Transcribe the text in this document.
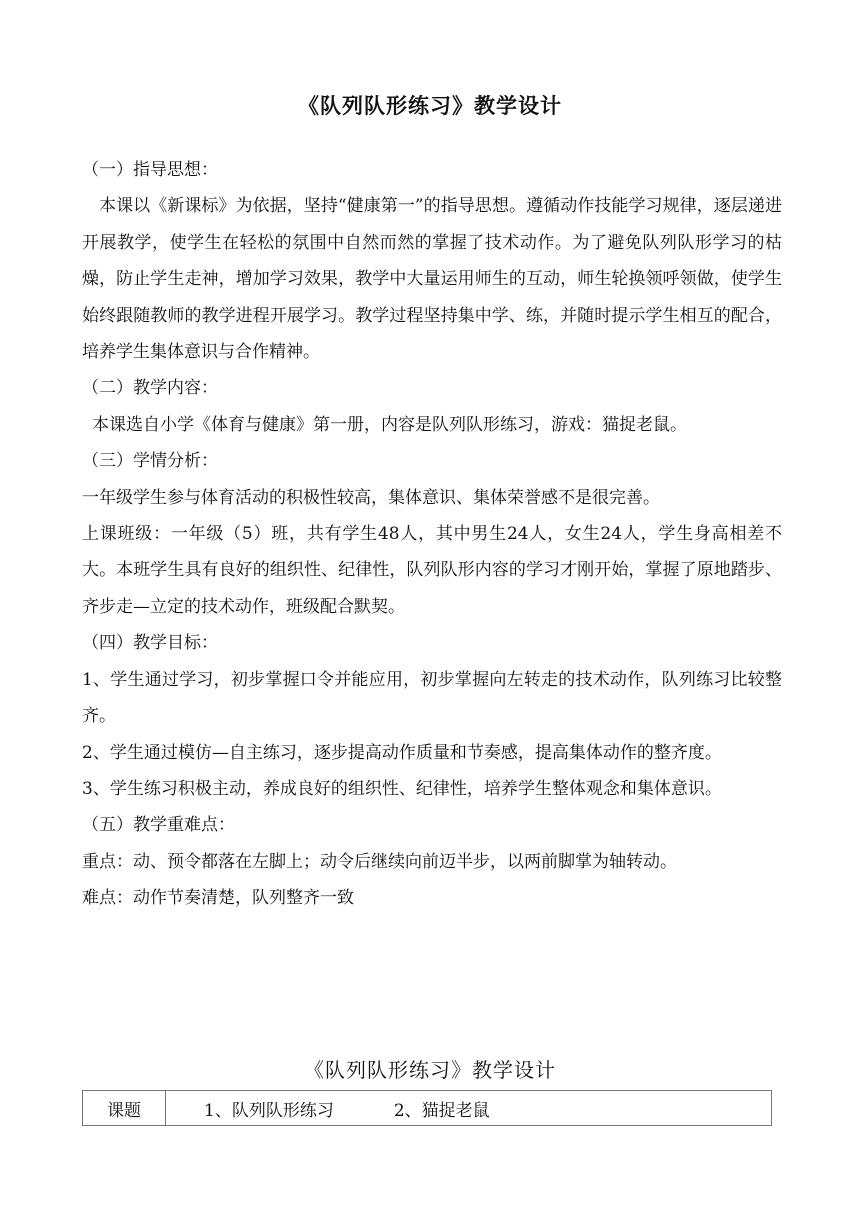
《队列队形练习》教学设计

（一）指导思想：

本课以《新课标》为依据，坚持“健康第一”的指导思想。遵循动作技能学习规律，逐层递进开展教学，使学生在轻松的氛围中自然而然的掌握了技术动作。为了避免队列队形学习的枯燥，防止学生走神，增加学习效果，教学中大量运用师生的互动，师生轮换领呼领做，使学生始终跟随教师的教学进程开展学习。教学过程坚持集中学、练，并随时提示学生相互的配合，培养学生集体意识与合作精神。

（二）教学内容：

本课选自小学《体育与健康》第一册，内容是队列队形练习，游戏：猫捉老鼠。

（三）学情分析：

一年级学生参与体育活动的积极性较高，集体意识、集体荣誉感不是很完善。

上课班级：一年级（5）班，共有学生48人，其中男生24人，女生24人，学生身高相差不大。本班学生具有良好的组织性、纪律性，队列队形内容的学习才刚开始，掌握了原地踏步、齐步走—立定的技术动作，班级配合默契。

（四）教学目标：

1、学生通过学习，初步掌握口令并能应用，初步掌握向左转走的技术动作，队列练习比较整齐。

2、学生通过模仿—自主练习，逐步提高动作质量和节奏感，提高集体动作的整齐度。

3、学生练习积极主动，养成良好的组织性、纪律性，培养学生整体观念和集体意识。

（五）教学重难点：

重点：动、预令都落在左脚上；动令后继续向前迈半步，以两前脚掌为轴转动。

难点：动作节奏清楚，队列整齐一致

《队列队形练习》教学设计
课题	1、队列队形练习	2、猫捉老鼠
